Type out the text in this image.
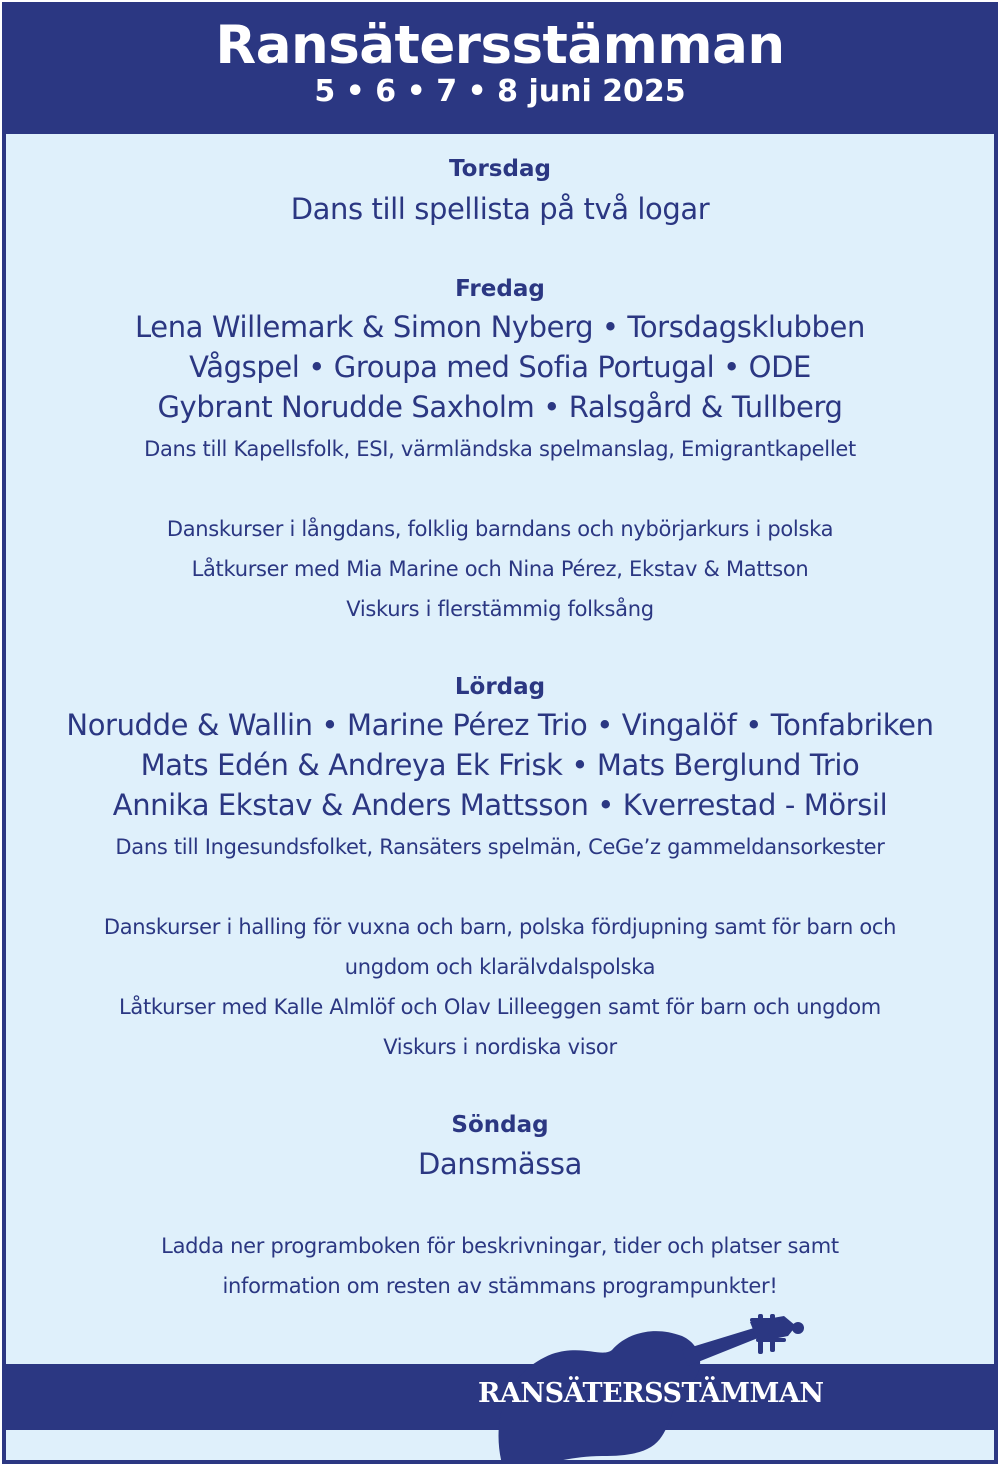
Ransätersstämman
5 • 6 • 7 • 8 juni 2025
Torsdag
Dans till spellista på två logar
Fredag
Lena Willemark & Simon Nyberg • Torsdagsklubben
Vågspel • Groupa med Sofia Portugal • ODE
Gybrant Norudde Saxholm • Ralsgård & Tullberg
Dans till Kapellsfolk, ESI, värmländska spelmanslag, Emigrantkapellet
Danskurser i långdans, folklig barndans och nybörjarkurs i polska
Låtkurser med Mia Marine och Nina Pérez, Ekstav & Mattson
Viskurs i flerstämmig folksång
Lördag
Norudde & Wallin • Marine Pérez Trio • Vingalöf • Tonfabriken
Mats Edén & Andreya Ek Frisk • Mats Berglund Trio
Annika Ekstav & Anders Mattsson • Kverrestad - Mörsil
Dans till Ingesundsfolket, Ransäters spelmän, CeGe’z gammeldansorkester
Danskurser i halling för vuxna och barn, polska fördjupning samt för barn och
ungdom och klarälvdalspolska
Låtkurser med Kalle Almlöf och Olav Lilleeggen samt för barn och ungdom
Viskurs i nordiska visor
Söndag
Dansmässa
Ladda ner programboken för beskrivningar, tider och platser samt
information om resten av stämmans programpunkter!
RANSÄTERSSTÄMMAN
